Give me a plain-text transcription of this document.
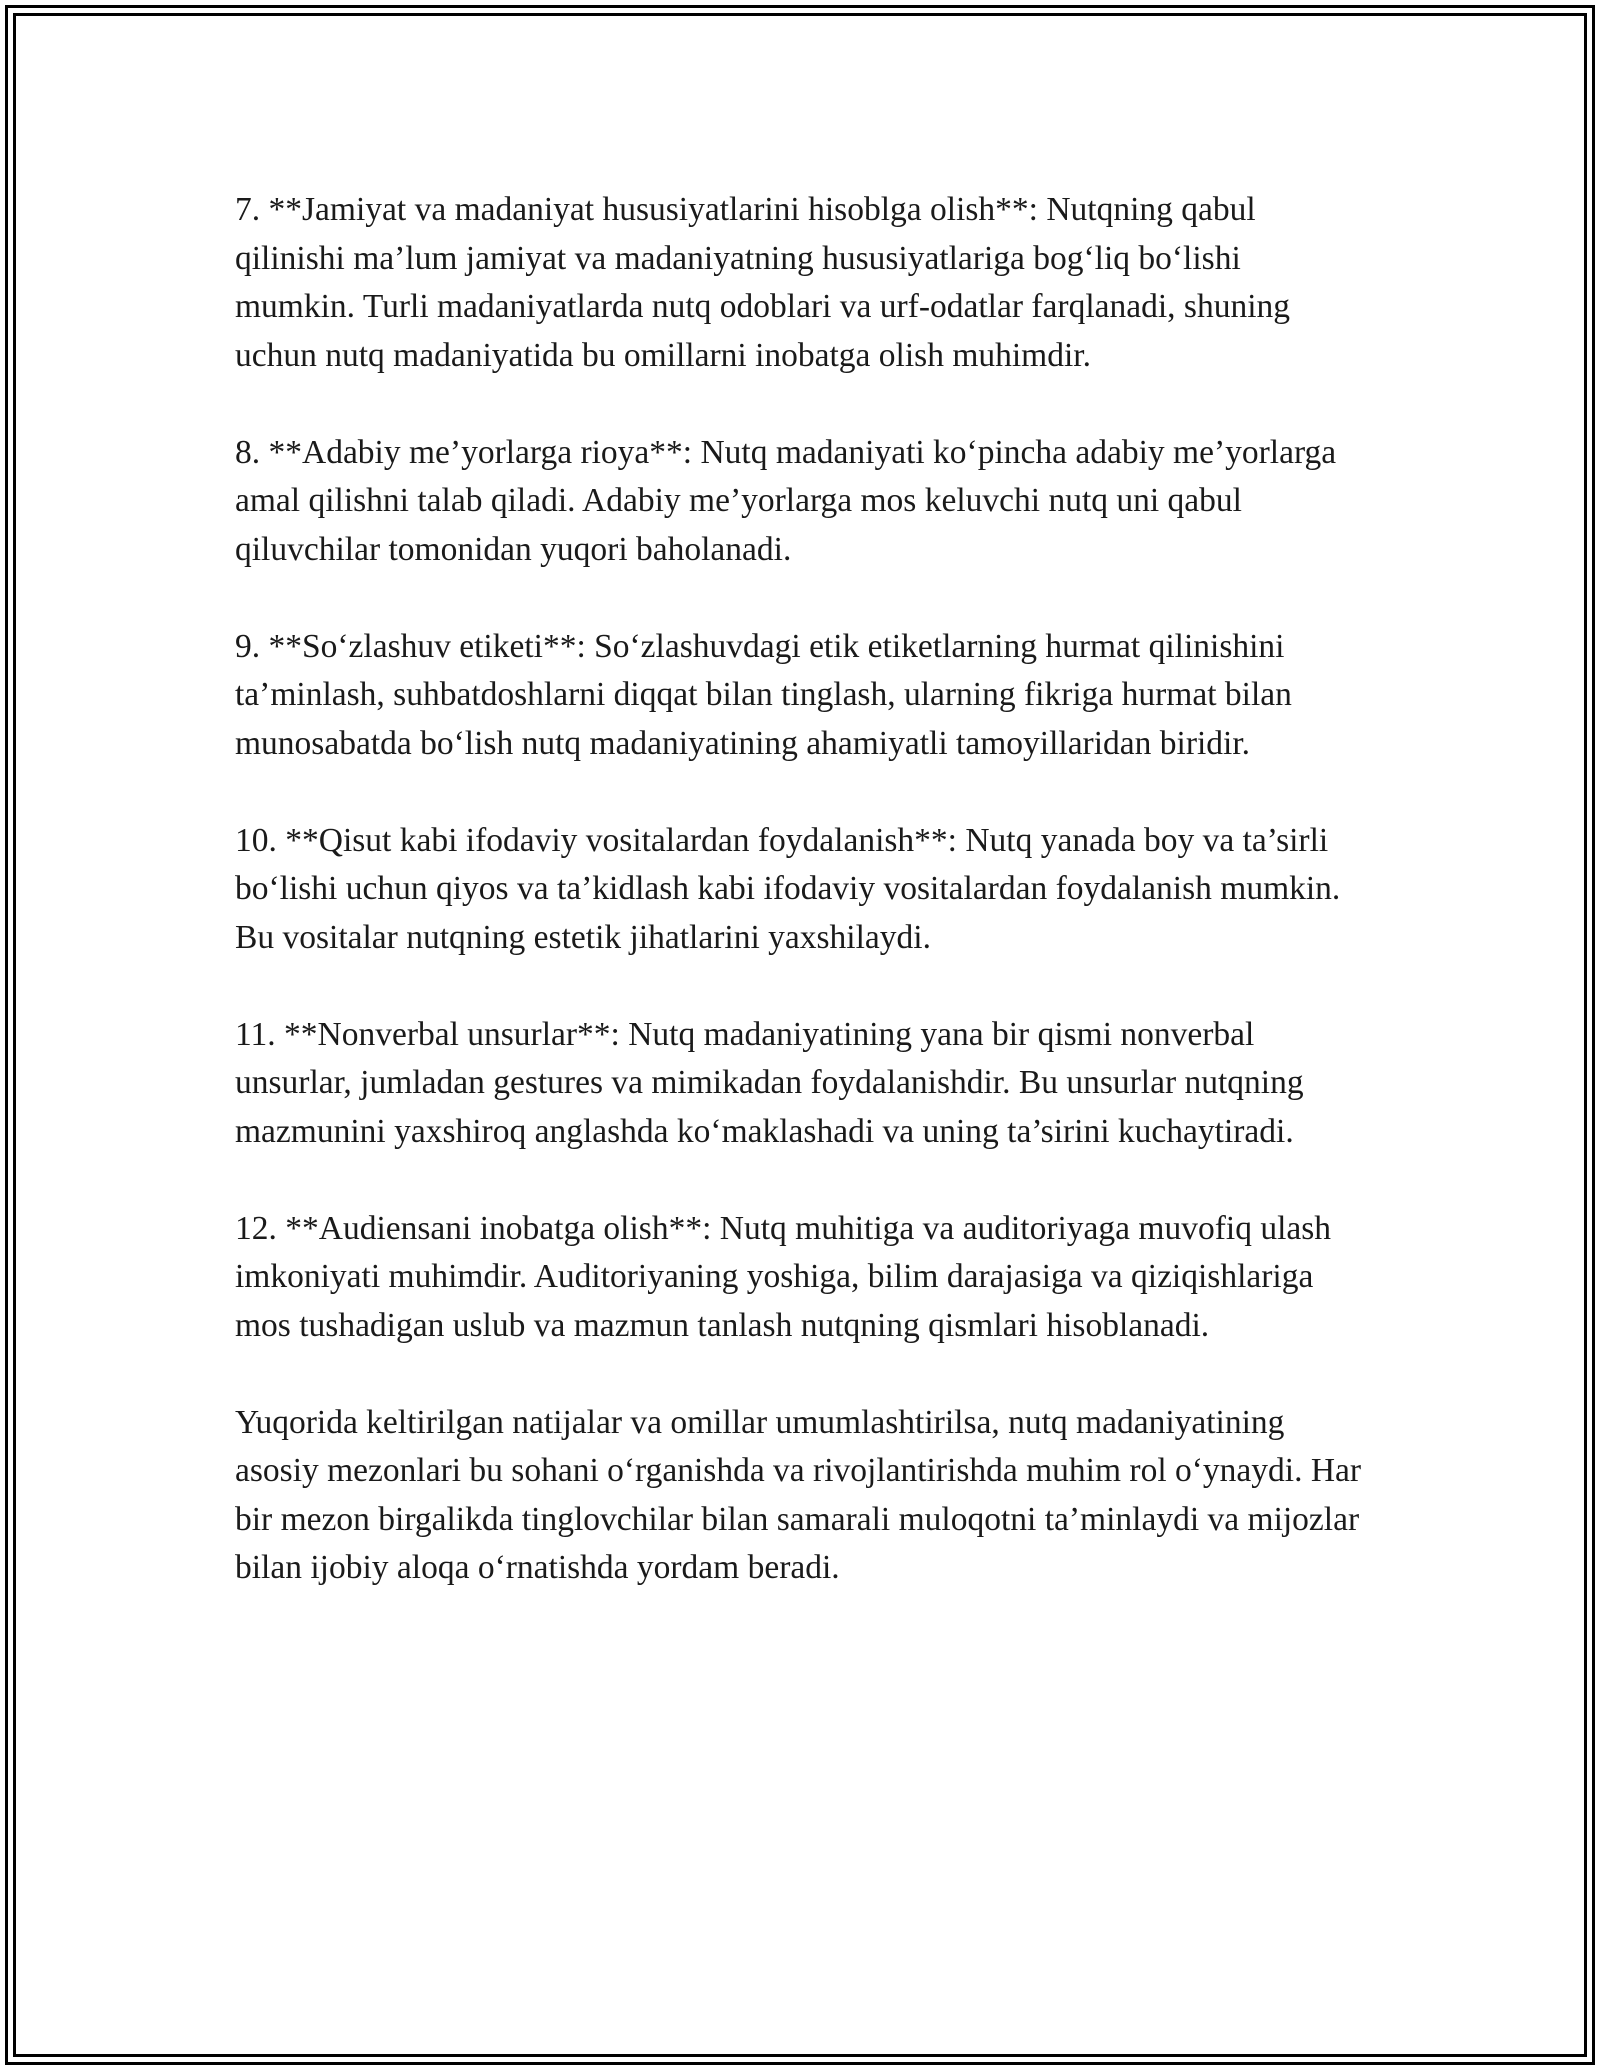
7. **Jamiyat va madaniyat hususiyatlarini hisoblga olish**: Nutqning qabul qilinishi ma’lum jamiyat va madaniyatning hususiyatlariga bog‘liq bo‘lishi mumkin. Turli madaniyatlarda nutq odoblari va urf-odatlar farqlanadi, shuning uchun nutq madaniyatida bu omillarni inobatga olish muhimdir.

8. **Adabiy me’yorlarga rioya**: Nutq madaniyati ko‘pincha adabiy me’yorlarga amal qilishni talab qiladi. Adabiy me’yorlarga mos keluvchi nutq uni qabul qiluvchilar tomonidan yuqori baholanadi.

9. **So‘zlashuv etiketi**: So‘zlashuvdagi etik etiketlarning hurmat qilinishini ta’minlash, suhbatdoshlarni diqqat bilan tinglash, ularning fikriga hurmat bilan munosabatda bo‘lish nutq madaniyatining ahamiyatli tamoyillaridan biridir.

10. **Qisut kabi ifodaviy vositalardan foydalanish**: Nutq yanada boy va ta’sirli bo‘lishi uchun qiyos va ta’kidlash kabi ifodaviy vositalardan foydalanish mumkin. Bu vositalar nutqning estetik jihatlarini yaxshilaydi.

11. **Nonverbal unsurlar**: Nutq madaniyatining yana bir qismi nonverbal unsurlar, jumladan gestures va mimikadan foydalanishdir. Bu unsurlar nutqning mazmunini yaxshiroq anglashda ko‘maklashadi va uning ta’sirini kuchaytiradi.

12. **Audiensani inobatga olish**: Nutq muhitiga va auditoriyaga muvofiq ulash imkoniyati muhimdir. Auditoriyaning yoshiga, bilim darajasiga va qiziqishlariga mos tushadigan uslub va mazmun tanlash nutqning qismlari hisoblanadi.

Yuqorida keltirilgan natijalar va omillar umumlashtirilsa, nutq madaniyatining asosiy mezonlari bu sohani o‘rganishda va rivojlantirishda muhim rol o‘ynaydi. Har bir mezon birgalikda tinglovchilar bilan samarali muloqotni ta’minlaydi va mijozlar bilan ijobiy aloqa o‘rnatishda yordam beradi.
